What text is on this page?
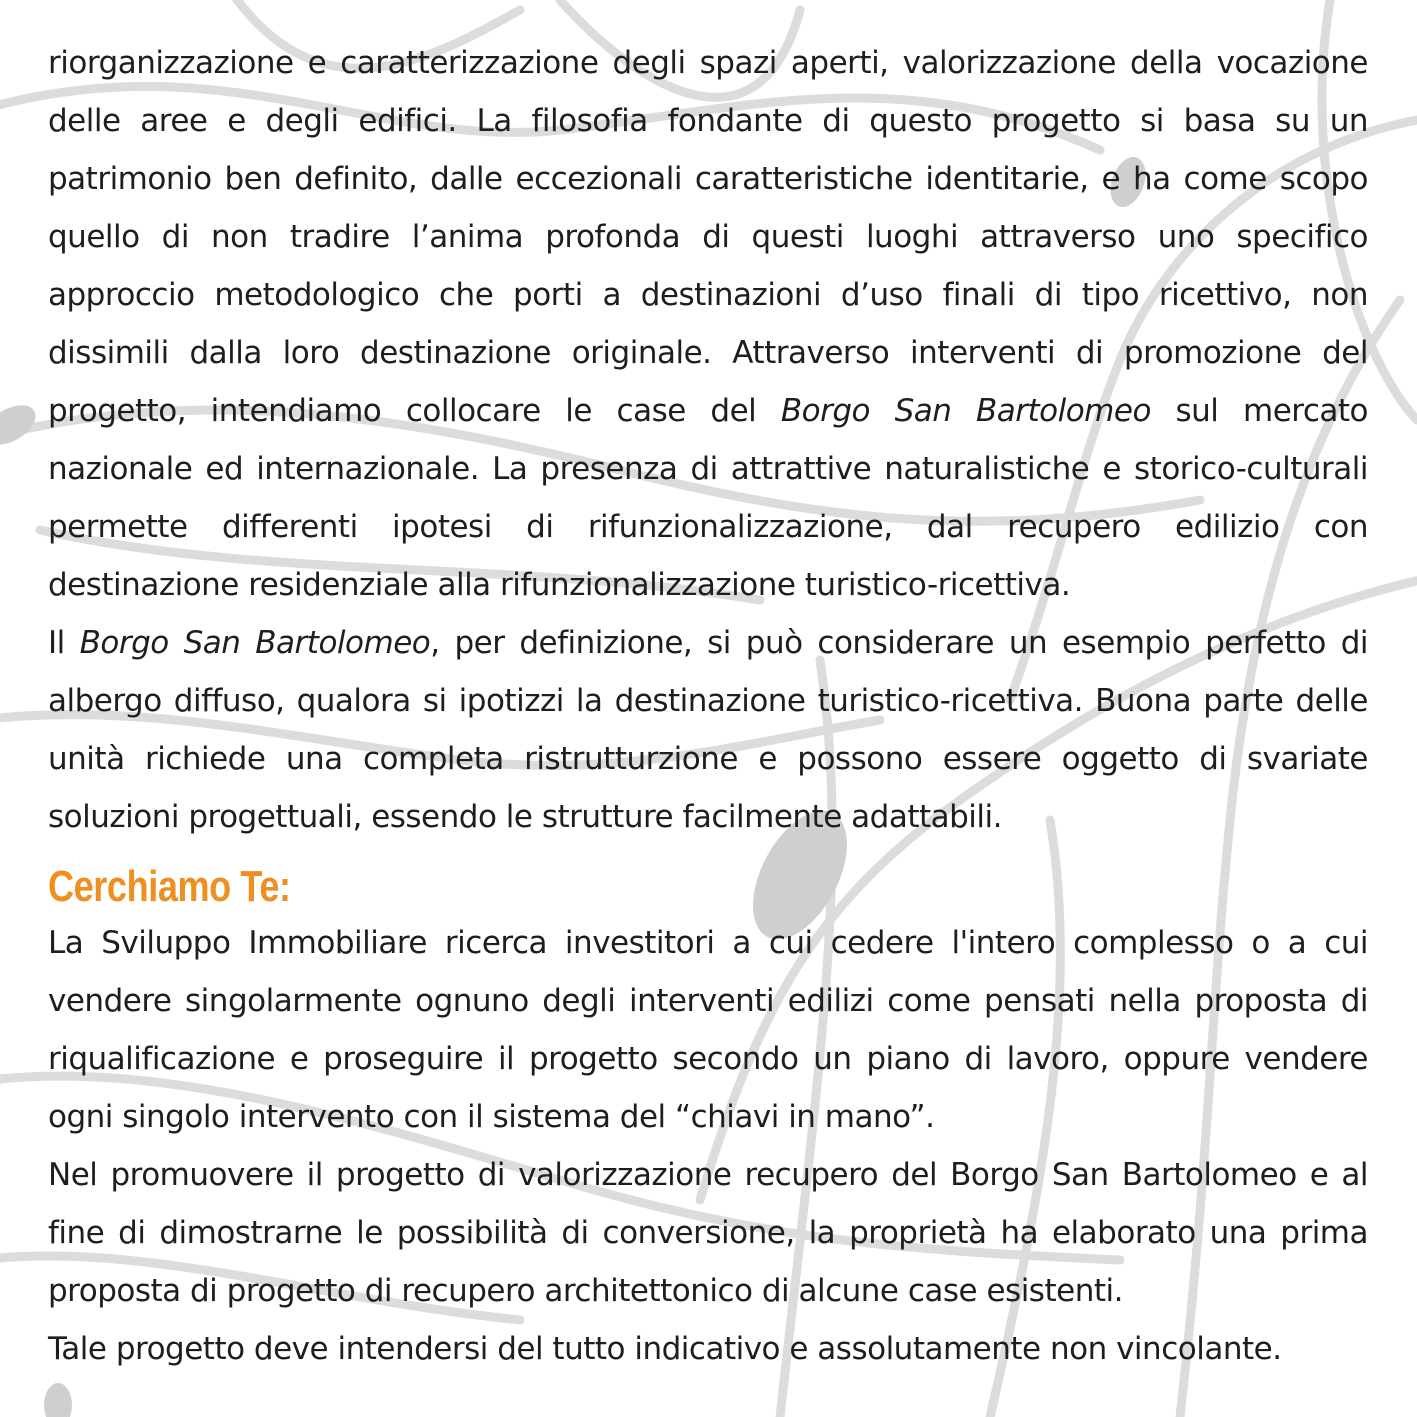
riorganizzazione e caratterizzazione degli spazi aperti, valorizzazione della vocazione delle aree e degli edifici. La filosofia fondante di questo progetto si basa su un patrimonio ben definito, dalle eccezionali caratteristiche identitarie, e ha come scopo quello di non tradire l’anima profonda di questi luoghi attraverso uno specifico approccio metodologico che porti a destinazioni d’uso finali di tipo ricettivo, non dissimili dalla loro destinazione originale. Attraverso interventi di promozione del progetto, intendiamo collocare le case del Borgo San Bartolomeo sul mercato nazionale ed internazionale. La presenza di attrattive naturalistiche e storico-culturali permette differenti ipotesi di rifunzionalizzazione, dal recupero edilizio con destinazione residenziale alla rifunzionalizzazione turistico-ricettiva.

Il Borgo San Bartolomeo, per definizione, si può considerare un esempio perfetto di albergo diffuso, qualora si ipotizzi la destinazione turistico-ricettiva. Buona parte delle unità richiede una completa ristrutturzione e possono essere oggetto di svariate soluzioni progettuali, essendo le strutture facilmente adattabili.

Cerchiamo Te:

La Sviluppo Immobiliare ricerca investitori a cui cedere l'intero complesso o a cui vendere singolarmente ognuno degli interventi edilizi come pensati nella proposta di riqualificazione e proseguire il progetto secondo un piano di lavoro, oppure vendere ogni singolo intervento con il sistema del “chiavi in mano”.

Nel promuovere il progetto di valorizzazione recupero del Borgo San Bartolomeo e al fine di dimostrarne le possibilità di conversione, la proprietà ha elaborato una prima proposta di progetto di recupero architettonico di alcune case esistenti.

Tale progetto deve intendersi del tutto indicativo e assolutamente non vincolante.
